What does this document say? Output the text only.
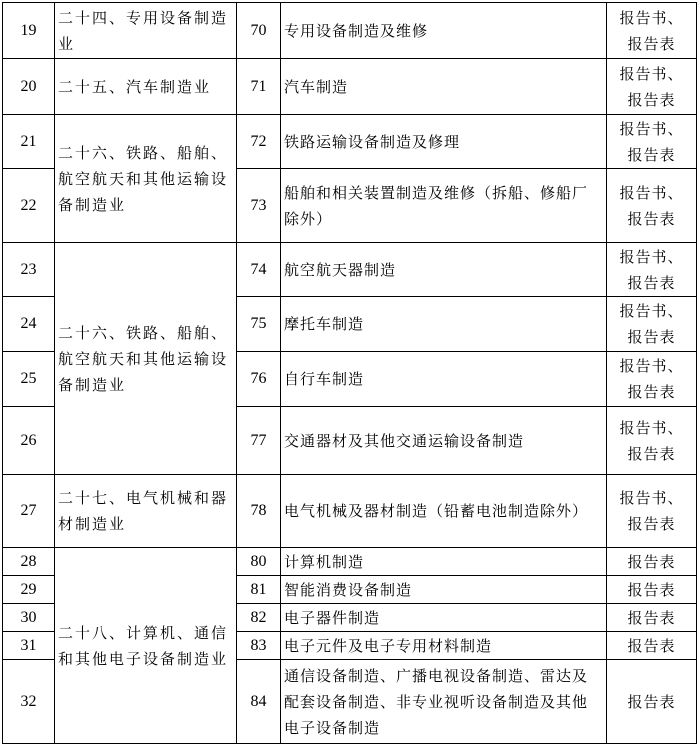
19	二十四、专用设备制造业	70	专用设备制造及维修	报告书、
报告表

20	二十五、汽车制造业	71	汽车制造	报告书、
报告表

21	二十六、铁路、船舶、航空航天和其他运输设备制造业	72	铁路运输设备制造及修理	报告书、
报告表

22		73	船舶和相关装置制造及维修（拆船、修船厂除外）	报告书、
报告表

23	二十六、铁路、船舶、航空航天和其他运输设备制造业	74	航空航天器制造	报告书、
报告表

24		75	摩托车制造	报告书、
报告表

25		76	自行车制造	报告书、
报告表

26		77	交通器材及其他交通运输设备制造	报告书、
报告表

27	二十七、电气机械和器材制造业	78	电气机械及器材制造（铅蓄电池制造除外）	报告书、
报告表

28	二十八、计算机、通信和其他电子设备制造业	80	计算机制造	报告表

29		81	智能消费设备制造	报告表

30		82	电子器件制造	报告表

31		83	电子元件及电子专用材料制造	报告表

32		84	通信设备制造、广播电视设备制造、雷达及配套设备制造、非专业视听设备制造及其他电子设备制造	报告表
